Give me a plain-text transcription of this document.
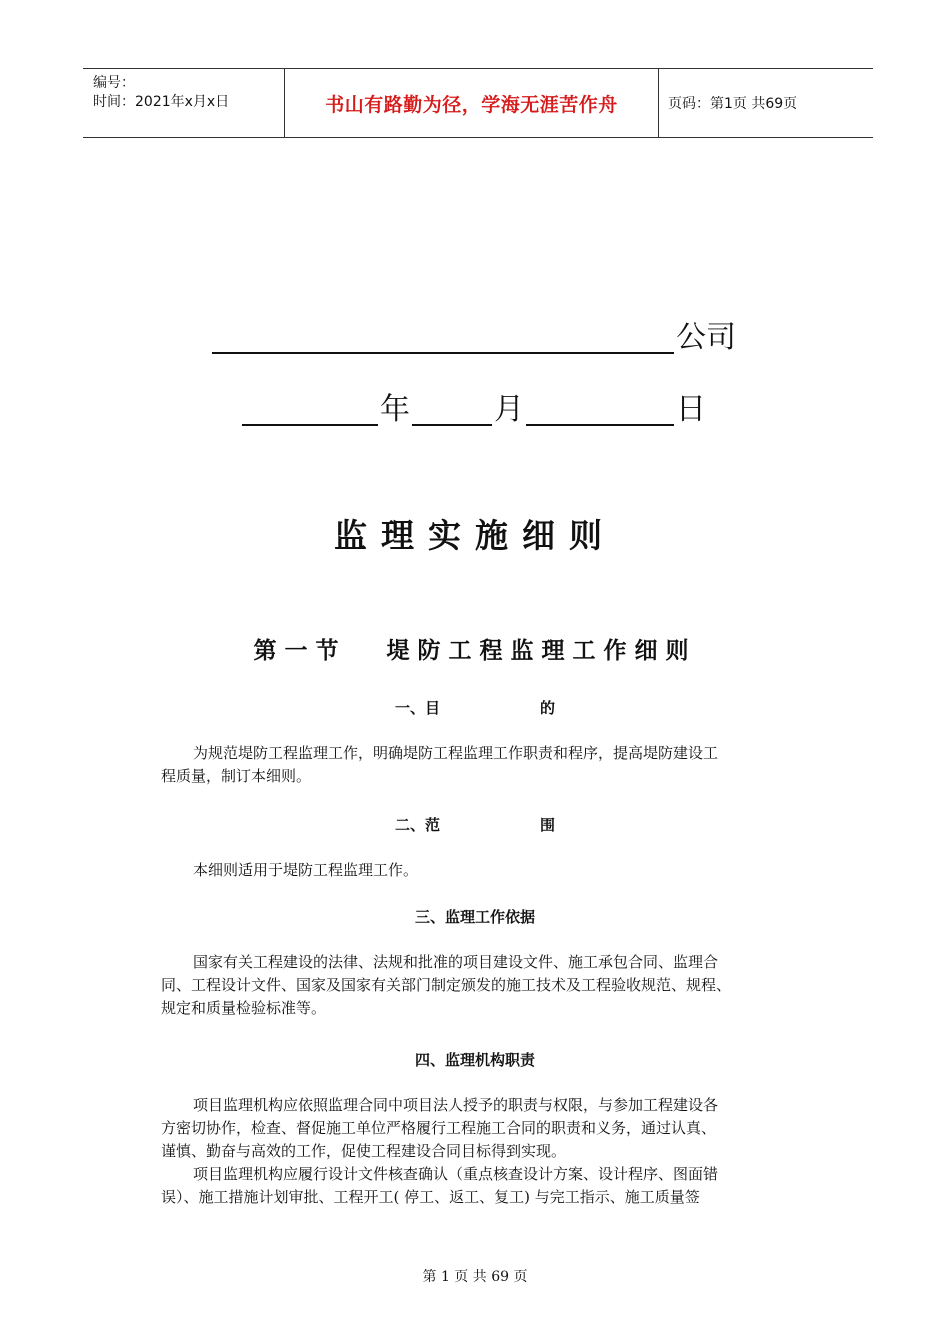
编号：
时间：2021年x月x日	书山有路勤为径，学海无涯苦作舟	页码：第1页 共69页
公司
年	月	日
监理实施细则
第一节 堤防工程监理工作细则
一、目	的
为规范堤防工程监理工作，明确堤防工程监理工作职责和程序，提高堤防建设工
程质量，制订本细则。
二、范	围
本细则适用于堤防工程监理工作。
三、监理工作依据
国家有关工程建设的法律、法规和批准的项目建设文件、施工承包合同、监理合
同、工程设计文件、国家及国家有关部门制定颁发的施工技术及工程验收规范、规程、
规定和质量检验标准等。
四、监理机构职责
项目监理机构应依照监理合同中项目法人授予的职责与权限，与参加工程建设各
方密切协作，检查、督促施工单位严格履行工程施工合同的职责和义务，通过认真、
谨慎、勤奋与高效的工作，促使工程建设合同目标得到实现。
项目监理机构应履行设计文件核查确认（重点核查设计方案、设计程序、图面错
误）、施工措施计划审批、工程开工( 停工、返工、复工) 与完工指示、施工质量签
第 1 页 共 69 页
